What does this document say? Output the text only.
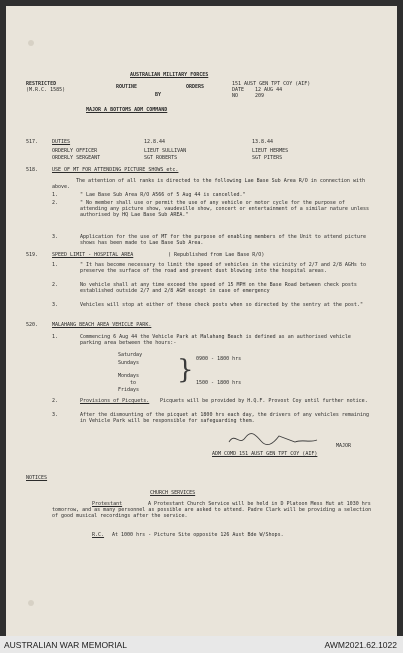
AUSTRALIAN MILITARY FORCES
RESTRICTED
(M.R.C. 1585)	ROUTINE
BY
ORDERS	151 AUST GEN TPT COY (AIF)
DATE 12 AUG 44
NO	209
MAJOR A BOTTOMS ADM COMMAND
517.	DUTIES	12.8.44	13.8.44
ORDERLY OFFICER	LIEUT SULLIVAN	LIEUT HERMES
ORDERLY SERGEANT	SGT ROBERTS	SGT PITERS
518.	USE OF MT FOR ATTENDING PICTURE SHOWS etc.
The attention of all ranks is directed to the following Lae Base Sub Area R/O in connection with above.
1.	" Lae Base Sub Area R/O A566 of 5 Aug 44 is cancelled."
2.	" No member shall use or permit the use of any vehicle or motor cycle for the purpose of attending any picture show, vaudeville show, concert or entertainment of a similar nature unless authorised by HQ Lae Base Sub AREA."
3.	Application for the use of MT for the purpose of enabling members of the Unit to attend picture shows has been made to Lae Base Sub Area.
519.	SPEED LIMIT - HOSPITAL AREA	( Republished from Lae Base R/O)
1.	" It has become necessary to limit the speed of vehicles in the vicinity of 2/7 and 2/8 AGHs to preserve the surface of the road and prevent dust blowing into the hospital areas.
2.	No vehicle shall at any time exceed the speed of 15 MPH on the Base Road between check posts established outside 2/7 and 2/8 AGH except in case of emergency
3.	Vehicles will stop at either of these check posts when so directed by the sentry at the post."
520.	MALAHANG BEACH AREA VEHICLE PARK.
1.	Commencing 6 Aug 44 the Vehicle Park at Malahang Beach is defined as an authorised vehicle parking area between the hours:-
Saturday
Sundays } 0900 - 1800 hrs
Mondays
to
Fridays
1500 - 1800 hrs
2.	Provisions of Picquets. Picquets will be provided by H.Q.F. Provost Coy until further notice.
3.	After the dismounting of the picquet at 1800 hrs each day, the drivers of any vehicles remaining in Vehicle Park will be responsible for safeguarding them.
MAJOR
ADM COMD 151 AUST GEN TPT COY (AIF)
NOTICES
CHURCH SERVICES
Protestant	A Protestant Church Service will be held in D Platoon Mess Hut at 1030 hrs tomorrow, and as many personnel as possible are asked to attend. Padre Clark will be providing a selection of good musical recordings after the service.
R.C. At 1000 hrs - Picture Site opposite 126 Aust Bde W/Shops.
AUSTRALIAN WAR MEMORIAL	AWM2021.62.1022
